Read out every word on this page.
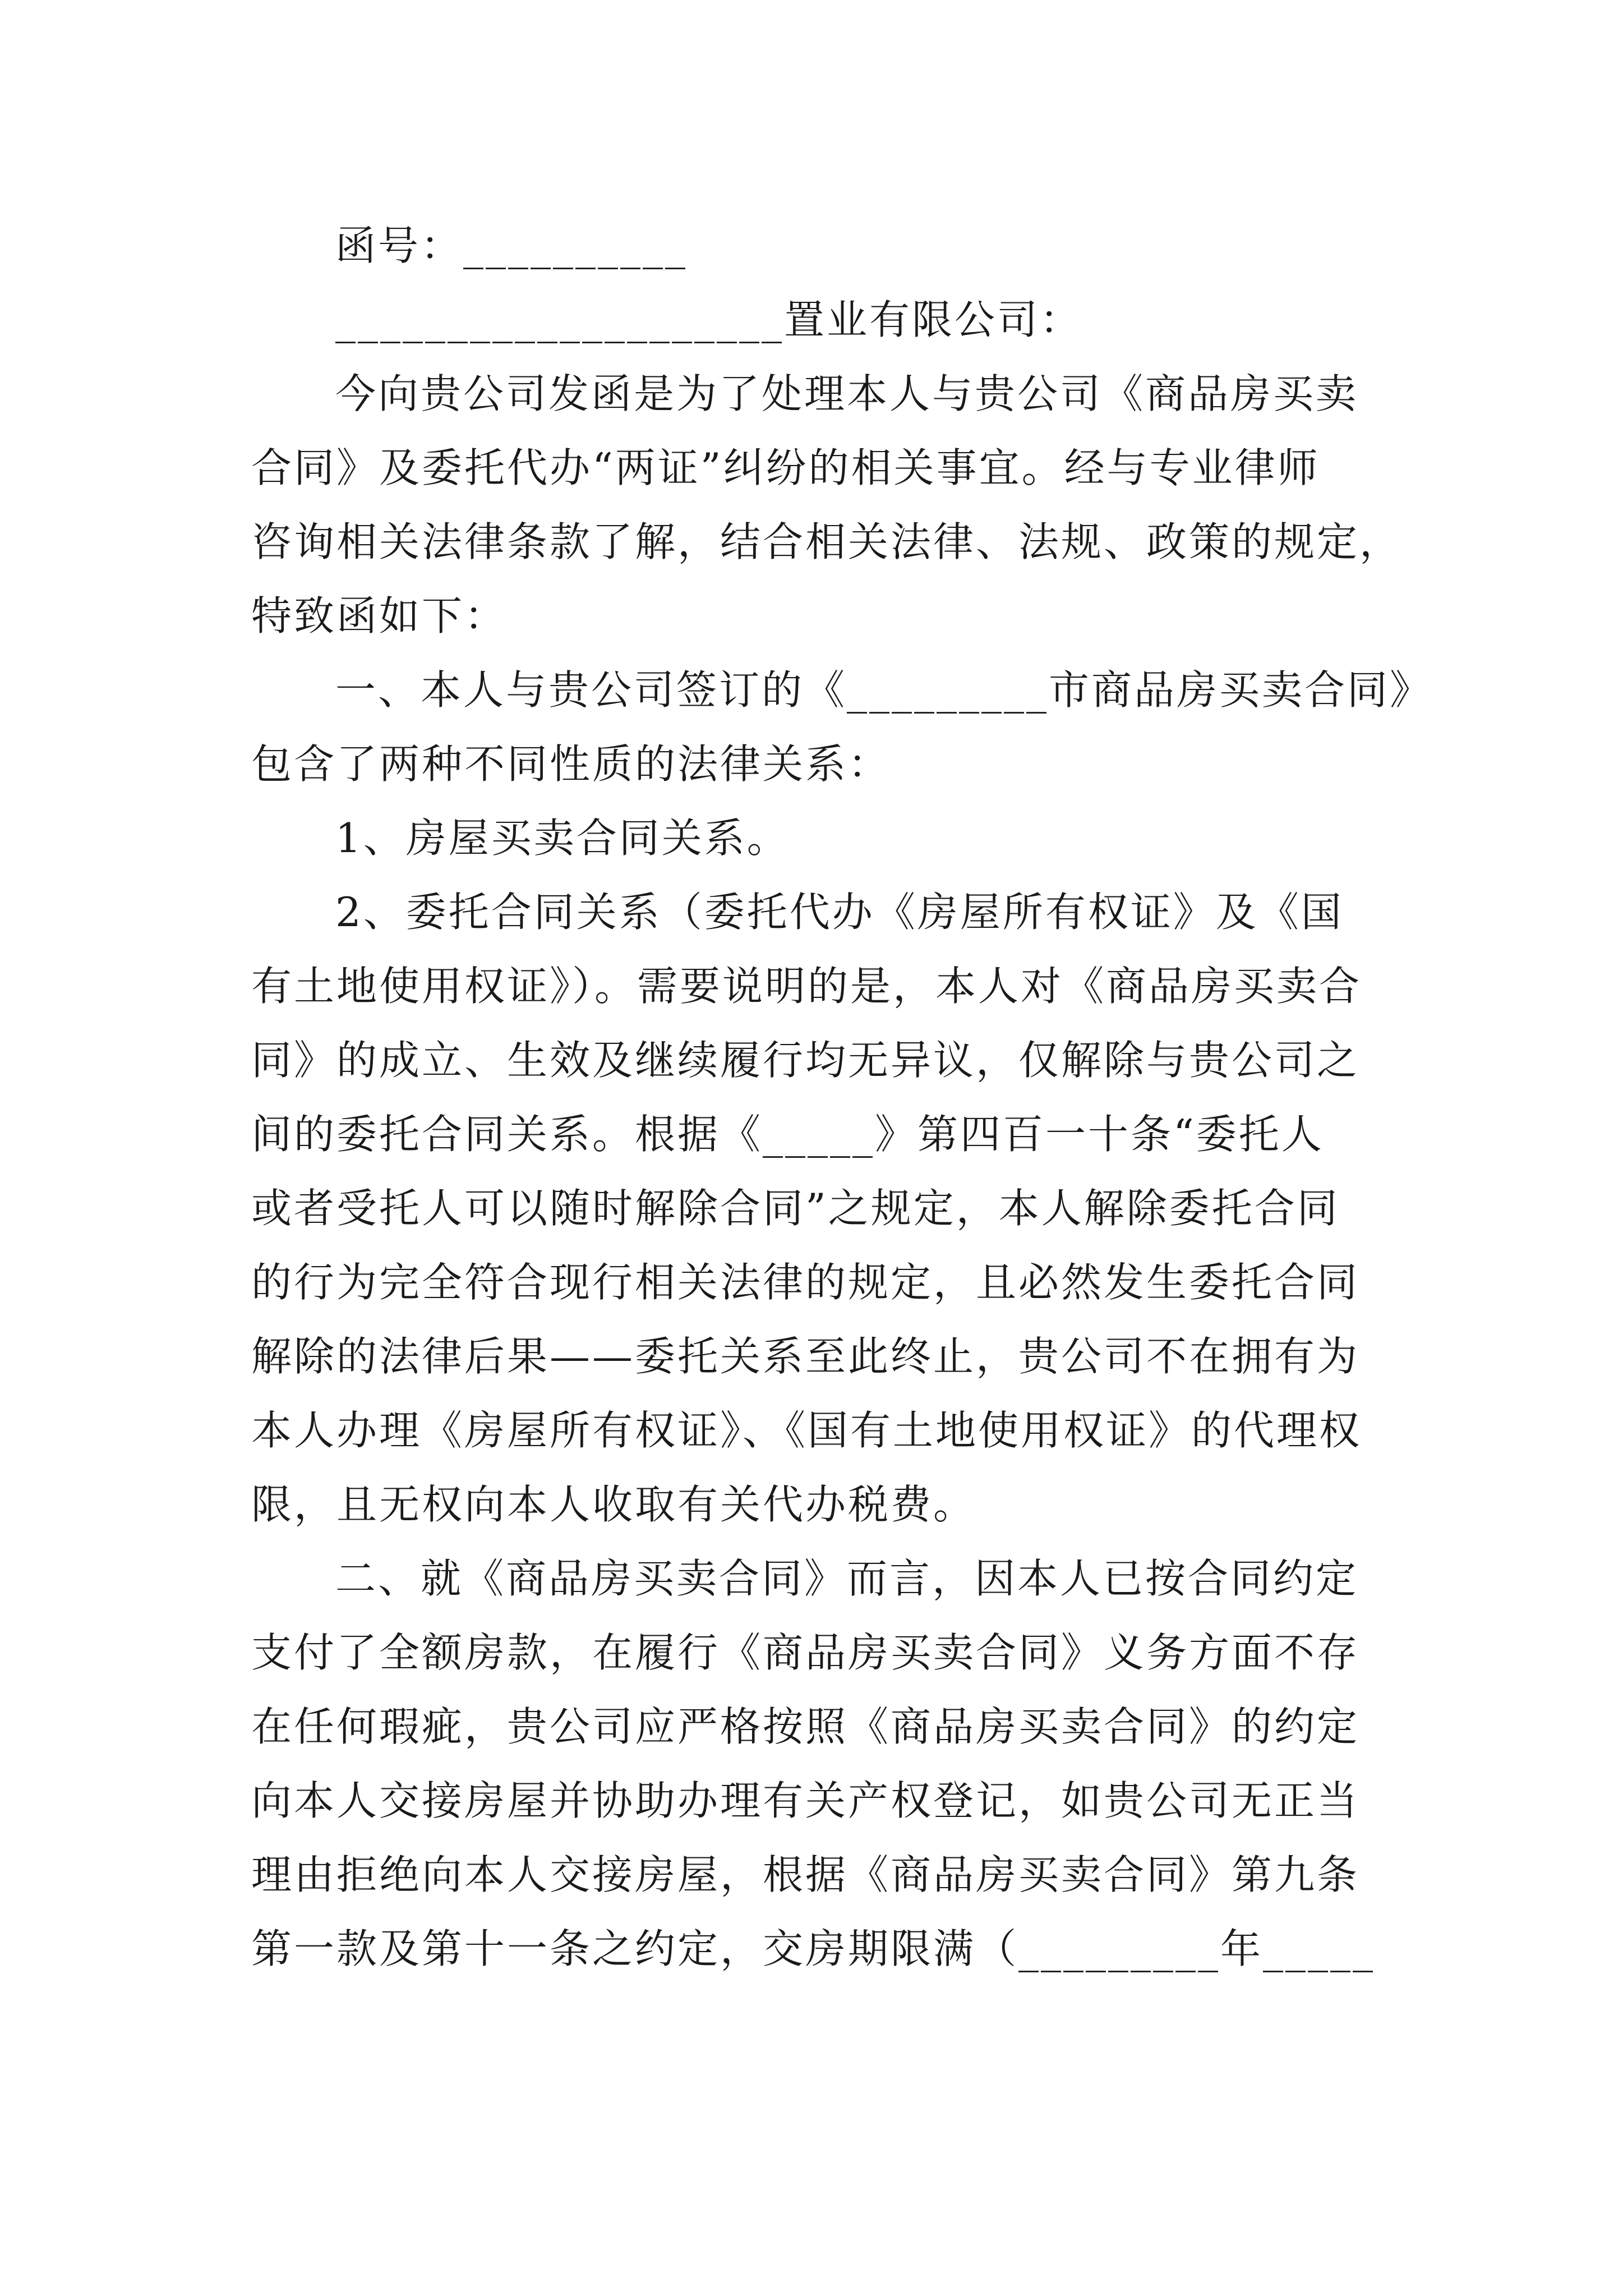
函号：__________
____________________置业有限公司：
今向贵公司发函是为了处理本人与贵公司《商品房买卖
合同》及委托代办“两证”纠纷的相关事宜。经与专业律师
咨询相关法律条款了解，结合相关法律、法规、政策的规定，
特致函如下：
一、本人与贵公司签订的《_________市商品房买卖合同》
包含了两种不同性质的法律关系：
1、房屋买卖合同关系。
2、委托合同关系（委托代办《房屋所有权证》及《国
有土地使用权证》）。需要说明的是，本人对《商品房买卖合
同》的成立、生效及继续履行均无异议，仅解除与贵公司之
间的委托合同关系。根据《_____》第四百一十条“委托人
或者受托人可以随时解除合同”之规定，本人解除委托合同
的行为完全符合现行相关法律的规定，且必然发生委托合同
解除的法律后果——委托关系至此终止，贵公司不在拥有为
本人办理《房屋所有权证》、《国有土地使用权证》的代理权
限，且无权向本人收取有关代办税费。
二、就《商品房买卖合同》而言，因本人已按合同约定
支付了全额房款，在履行《商品房买卖合同》义务方面不存
在任何瑕疵，贵公司应严格按照《商品房买卖合同》的约定
向本人交接房屋并协助办理有关产权登记，如贵公司无正当
理由拒绝向本人交接房屋，根据《商品房买卖合同》第九条
第一款及第十一条之约定，交房期限满（_________年_____
